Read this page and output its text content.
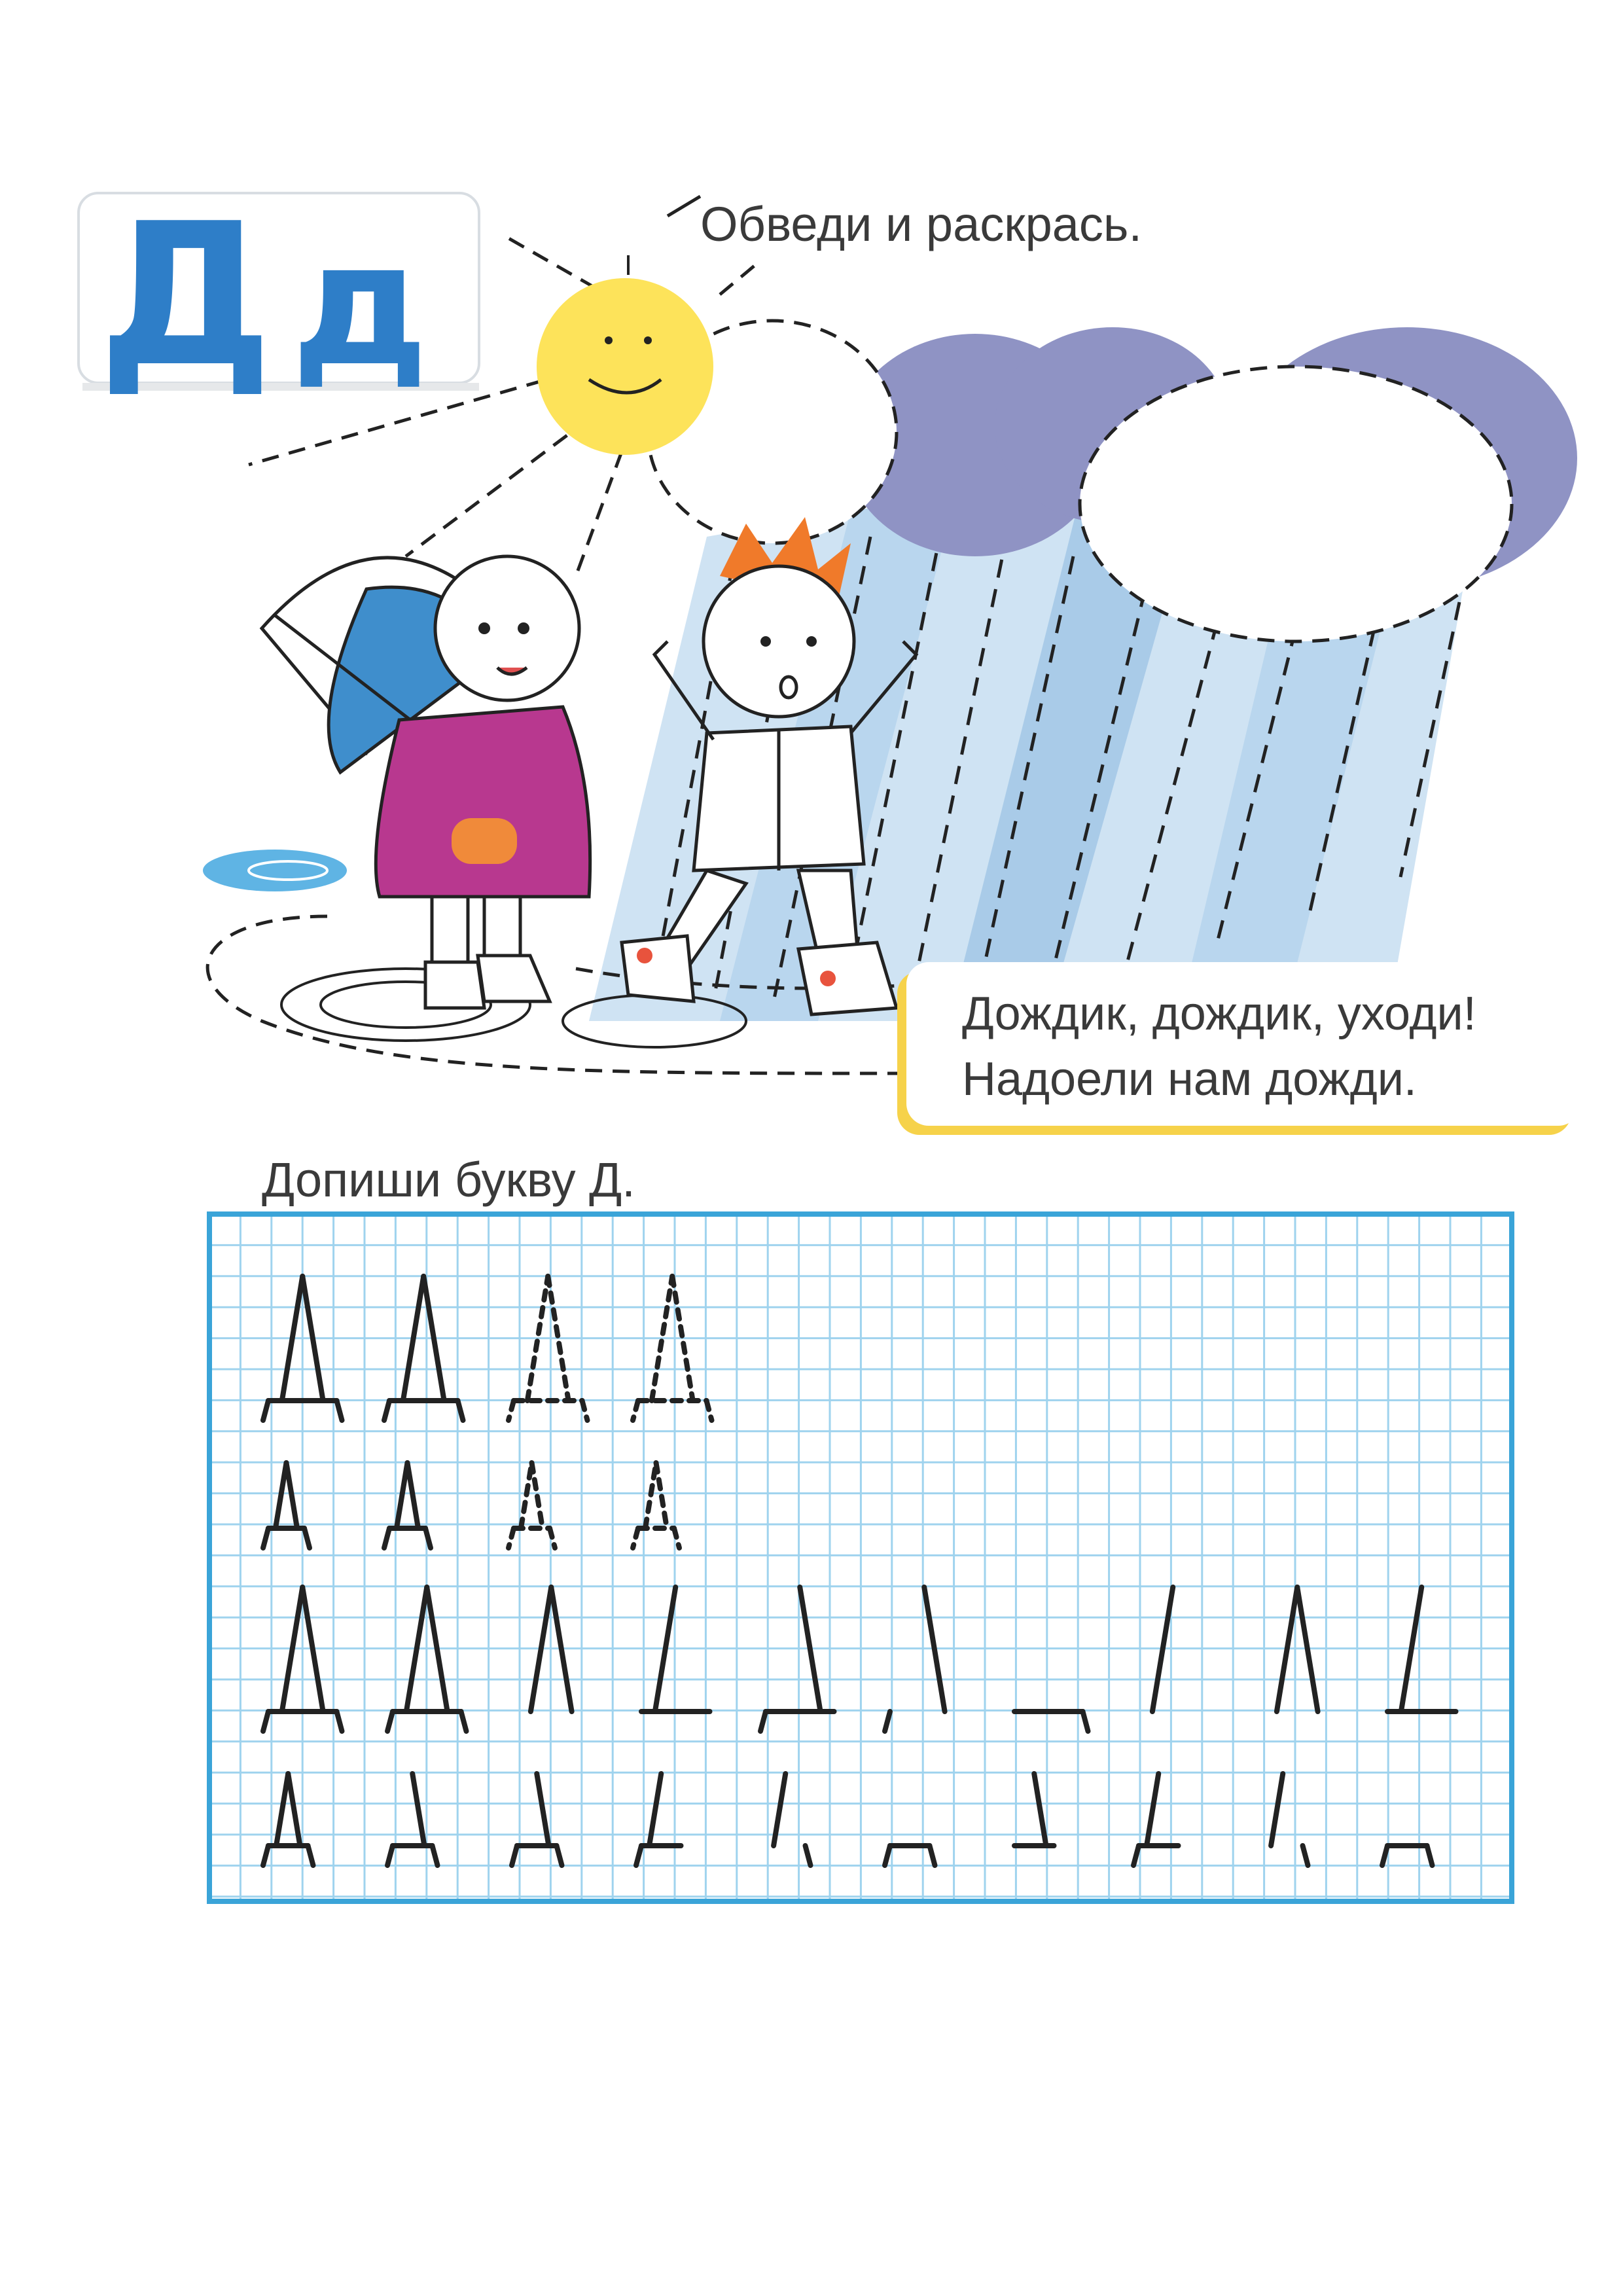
Д д	Обведи и раскрась.
Дождик, дождик, уходи!
Надоели нам дожди.
Допиши букву Д.
